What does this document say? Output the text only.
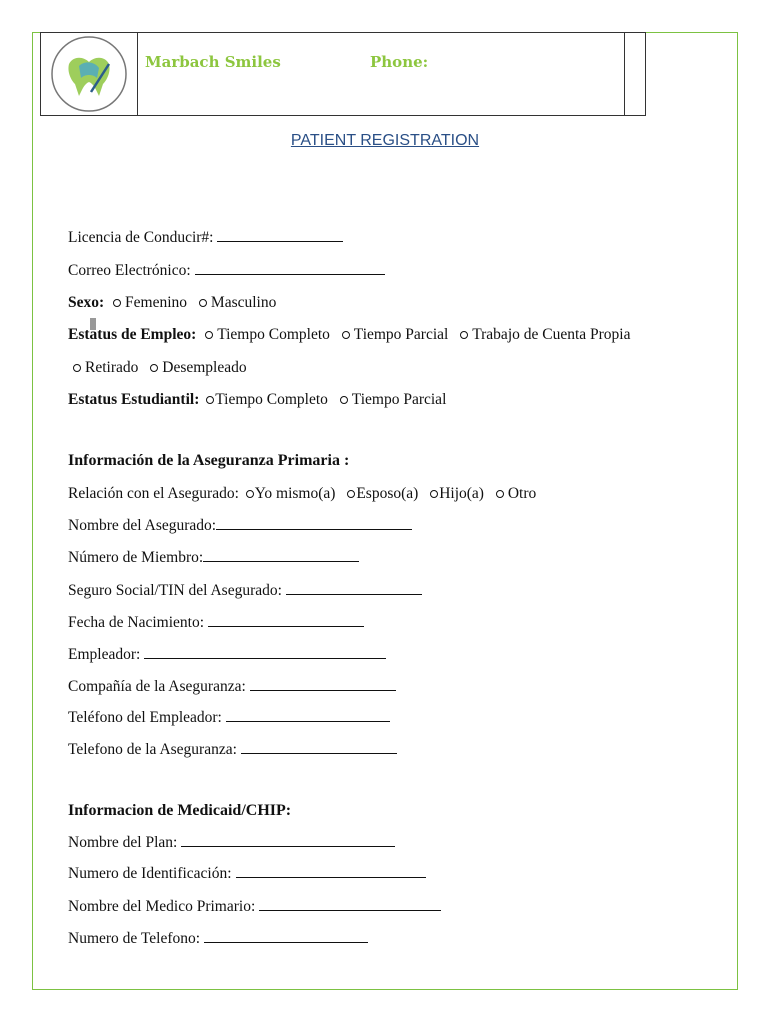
Marbach Smiles	Phone:
PATIENT REGISTRATION
Licencia de Conducir#:
Correo Electrónico:
Sexo: Femenino Masculino
Estatus de Empleo: Tiempo Completo Tiempo Parcial Trabajo de Cuenta Propia
Retirado Desempleado
Estatus Estudiantil: Tiempo Completo Tiempo Parcial
Información de la Aseguranza Primaria :
Relación con el Asegurado: Yo mismo(a) Esposo(a) Hijo(a) Otro
Nombre del Asegurado:
Número de Miembro:
Seguro Social/TIN del Asegurado:
Fecha de Nacimiento:
Empleador:
Compañía de la Aseguranza:
Teléfono del Empleador:
Telefono de la Aseguranza:
Informacion de Medicaid/CHIP:
Nombre del Plan:
Numero de Identificación:
Nombre del Medico Primario:
Numero de Telefono:
